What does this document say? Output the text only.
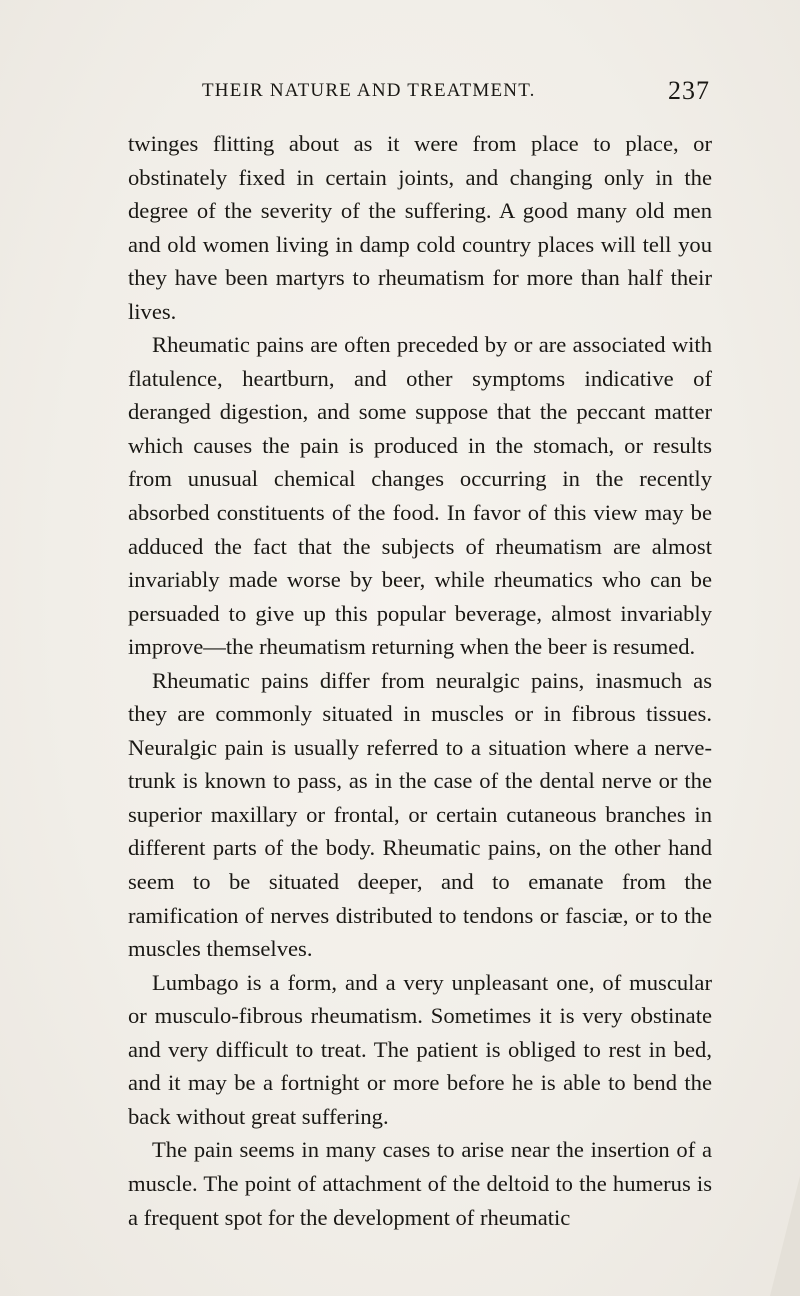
THEIR NATURE AND TREATMENT.	237

twinges flitting about as it were from place to place, or obstinately fixed in certain joints, and changing only in the degree of the severity of the suffering. A good many old men and old women living in damp cold country places will tell you they have been martyrs to rheumatism for more than half their lives.

Rheumatic pains are often preceded by or are associated with flatulence, heartburn, and other symptoms indicative of deranged digestion, and some suppose that the peccant matter which causes the pain is produced in the stomach, or results from unusual chemical changes occurring in the recently absorbed constituents of the food. In favor of this view may be adduced the fact that the subjects of rheumatism are almost invariably made worse by beer, while rheumatics who can be persuaded to give up this popular beverage, almost invariably improve—the rheumatism returning when the beer is resumed.

Rheumatic pains differ from neuralgic pains, inasmuch as they are commonly situated in muscles or in fibrous tissues. Neuralgic pain is usually referred to a situation where a nerve-trunk is known to pass, as in the case of the dental nerve or the superior maxillary or frontal, or certain cutaneous branches in different parts of the body. Rheumatic pains, on the other hand seem to be situated deeper, and to emanate from the ramification of nerves distributed to tendons or fasciæ, or to the muscles themselves.

Lumbago is a form, and a very unpleasant one, of muscular or musculo-fibrous rheumatism. Sometimes it is very obstinate and very difficult to treat. The patient is obliged to rest in bed, and it may be a fortnight or more before he is able to bend the back without great suffering.

The pain seems in many cases to arise near the insertion of a muscle. The point of attachment of the deltoid to the humerus is a frequent spot for the development of rheumatic
